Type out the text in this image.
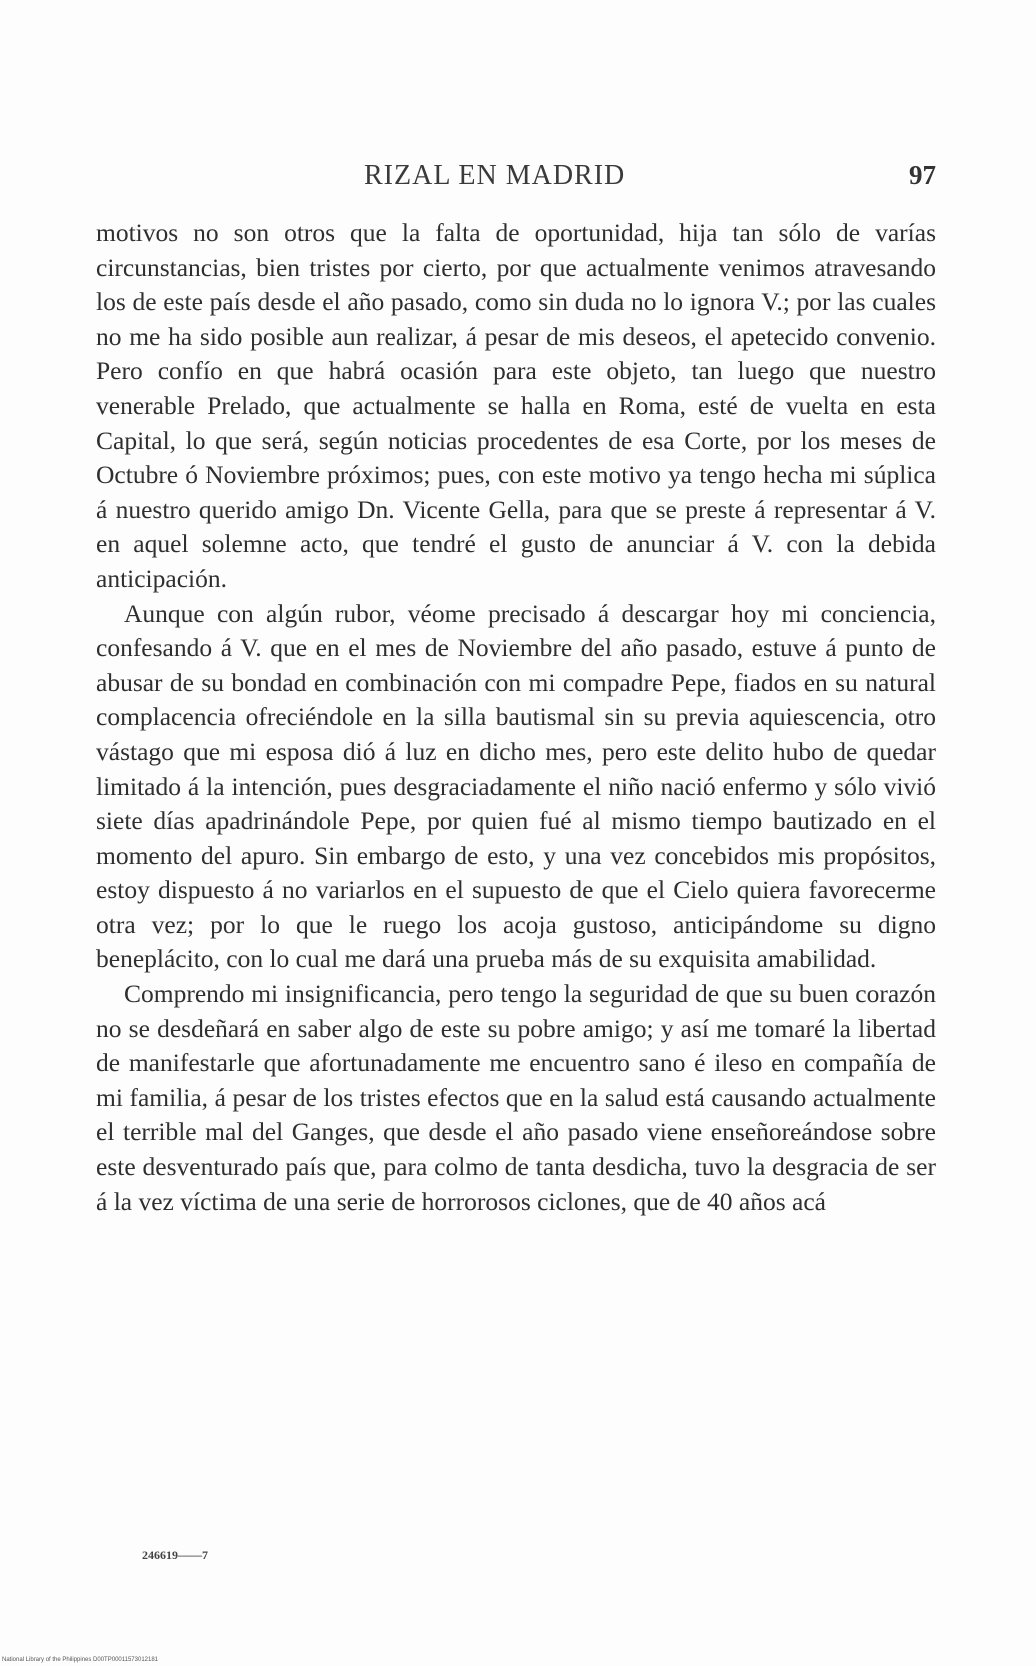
RIZAL EN MADRID	97

motivos no son otros que la falta de oportunidad, hija tan sólo de varías circunstancias, bien tristes por cierto, por que actualmente venimos atravesando los de este país desde el año pasado, como sin duda no lo ignora V.; por las cuales no me ha sido posible aun realizar, á pesar de mis deseos, el apetecido convenio. Pero confío en que habrá ocasión para este objeto, tan luego que nuestro venerable Prelado, que actualmente se halla en Roma, esté de vuelta en esta Capital, lo que será, según noticias procedentes de esa Corte, por los meses de Octubre ó Noviembre próximos; pues, con este motivo ya tengo hecha mi súplica á nuestro querido amigo Dn. Vicente Gella, para que se preste á representar á V. en aquel solemne acto, que tendré el gusto de anunciar á V. con la debida anticipación.

Aunque con algún rubor, véome precisado á descargar hoy mi conciencia, confesando á V. que en el mes de Noviembre del año pasado, estuve á punto de abusar de su bondad en combinación con mi compadre Pepe, fiados en su natural complacencia ofreciéndole en la silla bautismal sin su previa aquiescencia, otro vástago que mi esposa dió á luz en dicho mes, pero este delito hubo de quedar limitado á la intención, pues desgraciadamente el niño nació enfermo y sólo vivió siete días apadrinándole Pepe, por quien fué al mismo tiempo bautizado en el momento del apuro. Sin embargo de esto, y una vez concebidos mis propósitos, estoy dispuesto á no variarlos en el supuesto de que el Cielo quiera favorecerme otra vez; por lo que le ruego los acoja gustoso, anticipándome su digno beneplácito, con lo cual me dará una prueba más de su exquisita amabilidad.

Comprendo mi insignificancia, pero tengo la seguridad de que su buen corazón no se desdeñará en saber algo de este su pobre amigo; y así me tomaré la libertad de manifestarle que afortunadamente me encuentro sano é ileso en compañía de mi familia, á pesar de los tristes efectos que en la salud está causando actualmente el terrible mal del Ganges, que desde el año pasado viene enseñoreándose sobre este desventurado país que, para colmo de tanta desdicha, tuvo la desgracia de ser á la vez víctima de una serie de horrorosos ciclones, que de 40 años acá

246619——7
National Library of the Philippines D00TP00011573012181
